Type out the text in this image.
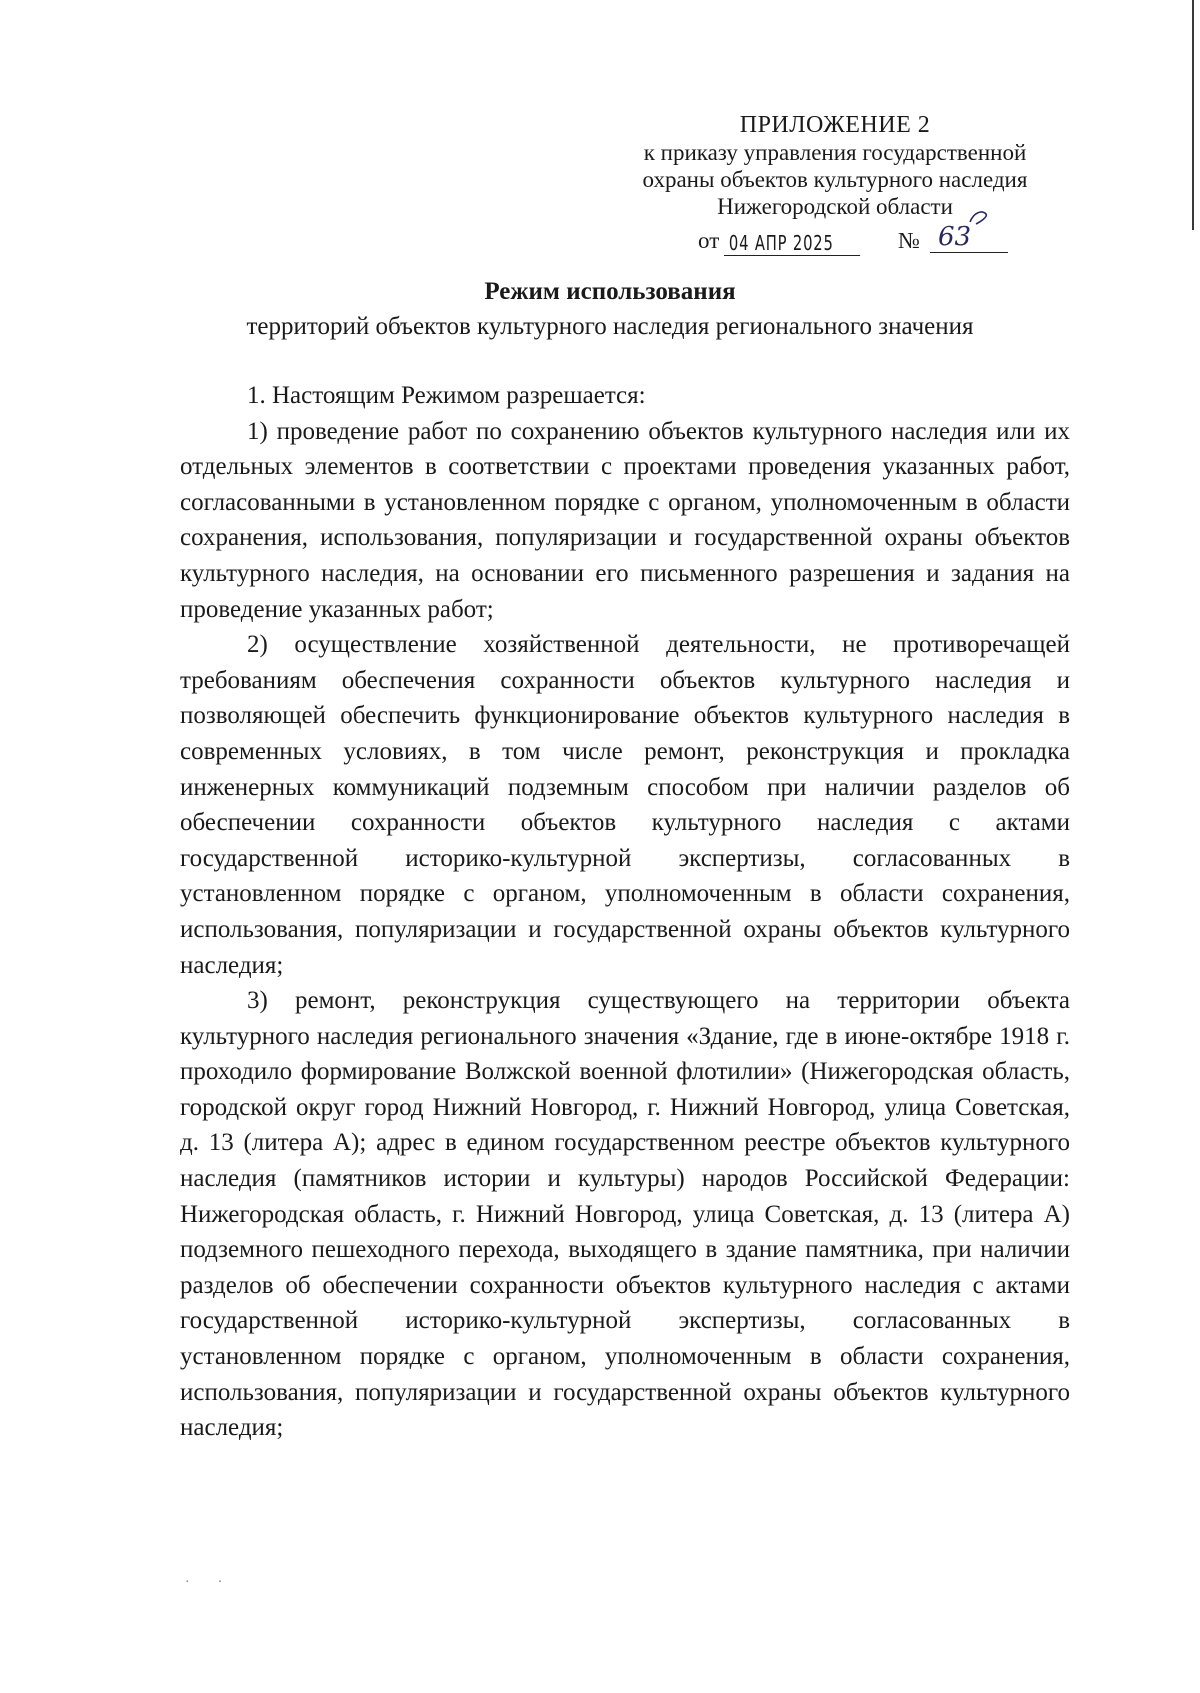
ПРИЛОЖЕНИЕ 2
к приказу управления государственной
охраны объектов культурного наследия
Нижегородской области
от 04 АПР 2025	№ 63
Режим использования
территорий объектов культурного наследия регионального значения

1. Настоящим Режимом разрешается:

1) проведение работ по сохранению объектов культурного наследия или их отдельных элементов в соответствии с проектами проведения указанных работ, согласованными в установленном порядке с органом, уполномоченным в области сохранения, использования, популяризации и государственной охраны объектов культурного наследия, на основании его письменного разрешения и задания на проведение указанных работ;

2) осуществление хозяйственной деятельности, не противоречащей требованиям обеспечения сохранности объектов культурного наследия и позволяющей обеспечить функционирование объектов культурного наследия в современных условиях, в том числе ремонт, реконструкция и прокладка инженерных коммуникаций подземным способом при наличии разделов об обеспечении сохранности объектов культурного наследия с актами государственной историко-культурной экспертизы, согласованных в установленном порядке с органом, уполномоченным в области сохранения, использования, популяризации и государственной охраны объектов культурного наследия;

3) ремонт, реконструкция существующего на территории объекта культурного наследия регионального значения «Здание, где в июне-октябре 1918 г. проходило формирование Волжской военной флотилии» (Нижегородская область, городской округ город Нижний Новгород, г. Нижний Новгород, улица Советская, д. 13 (литера А); адрес в едином государственном реестре объектов культурного наследия (памятников истории и культуры) народов Российской Федерации: Нижегородская область, г. Нижний Новгород, улица Советская, д. 13 (литера А) подземного пешеходного перехода, выходящего в здание памятника, при наличии разделов об обеспечении сохранности объектов культурного наследия с актами государственной историко-культурной экспертизы, согласованных в установленном порядке с органом, уполномоченным в области сохранения, использования, популяризации и государственной охраны объектов культурного наследия;

·        ·
